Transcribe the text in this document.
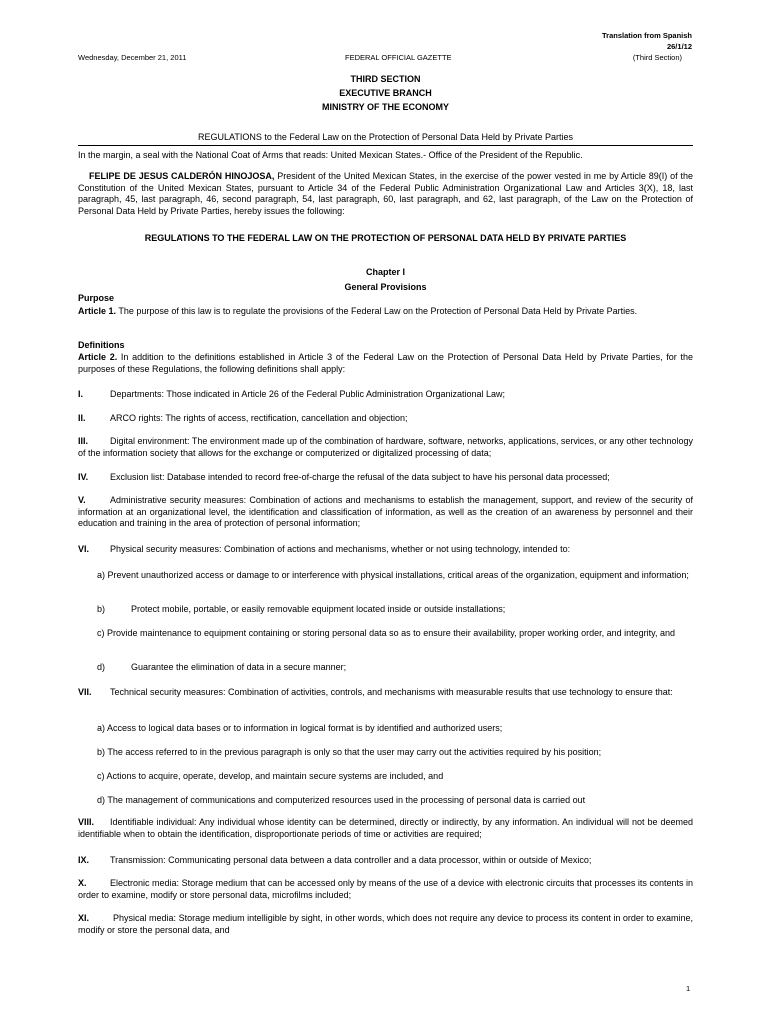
Translation from Spanish
26/1/12
(Third Section)
Wednesday, December 21, 2011	FEDERAL OFFICIAL GAZETTE
THIRD SECTION
EXECUTIVE BRANCH
MINISTRY OF THE ECONOMY
REGULATIONS to the Federal Law on the Protection of Personal Data Held by Private Parties
In the margin, a seal with the National Coat of Arms that reads: United Mexican States.- Office of the President of the Republic.
FELIPE DE JESUS CALDERÓN HINOJOSA, President of the United Mexican States, in the exercise of the power vested in me by Article 89(I) of the Constitution of the United Mexican States, pursuant to Article 34 of the Federal Public Administration Organizational Law and Articles 3(X), 18, last paragraph, 45, last paragraph, 46, second paragraph, 54, last paragraph, 60, last paragraph, and 62, last paragraph, of the Law on the Protection of Personal Data Held by Private Parties, hereby issues the following:
REGULATIONS TO THE FEDERAL LAW ON THE PROTECTION OF PERSONAL DATA HELD BY PRIVATE PARTIES
Chapter I
General Provisions
Purpose
Article 1. The purpose of this law is to regulate the provisions of the Federal Law on the Protection of Personal Data Held by Private Parties.
Definitions
Article 2. In addition to the definitions established in Article 3 of the Federal Law on the Protection of Personal Data Held by Private Parties, for the purposes of these Regulations, the following definitions shall apply:
I.	Departments: Those indicated in Article 26 of the Federal Public Administration Organizational Law;
II.	ARCO rights: The rights of access, rectification, cancellation and objection;
III. Digital environment: The environment made up of the combination of hardware, software, networks, applications, services, or any other technology of the information society that allows for the exchange or computerized or digitalized processing of data;
IV. Exclusion list: Database intended to record free-of-charge the refusal of the data subject to have his personal data processed;
V.	Administrative security measures: Combination of actions and mechanisms to establish the management, support, and review of the security of information at an organizational level, the identification and classification of information, as well as the creation of an awareness by personnel and their education and training in the area of protection of personal information;
VI. Physical security measures: Combination of actions and mechanisms, whether or not using technology, intended to:
a) Prevent unauthorized access or damage to or interference with physical installations, critical areas of the organization, equipment and information;
b)	Protect mobile, portable, or easily removable equipment located inside or outside installations;
c) Provide maintenance to equipment containing or storing personal data so as to ensure their availability, proper working order, and integrity, and
d)	Guarantee the elimination of data in a secure manner;
VII. Technical security measures: Combination of activities, controls, and mechanisms with measurable results that use technology to ensure that:
a) Access to logical data bases or to information in logical format is by identified and authorized users;
b) The access referred to in the previous paragraph is only so that the user may carry out the activities required by his position;
c) Actions to acquire, operate, develop, and maintain secure systems are included, and
d) The management of communications and computerized resources used in the processing of personal data is carried out
VIII. Identifiable individual: Any individual whose identity can be determined, directly or indirectly, by any information. An individual will not be deemed identifiable when to obtain the identification, disproportionate periods of time or activities are required;
IX. Transmission: Communicating personal data between a data controller and a data processor, within or outside of Mexico;
X.	Electronic media: Storage medium that can be accessed only by means of the use of a device with electronic circuits that processes its contents in order to examine, modify or store personal data, microfilms included;
XI.	Physical media: Storage medium intelligible by sight, in other words, which does not require any device to process its content in order to examine, modify or store the personal data, and
1
